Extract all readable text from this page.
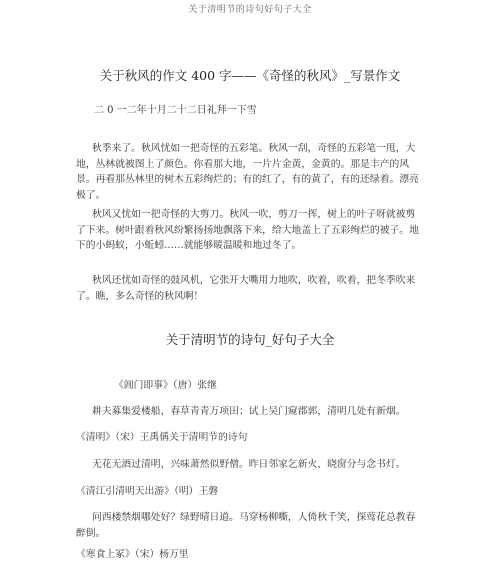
关于清明节的诗句好句子大全
关于秋风的作文 400 字——《奇怪的秋风》_写景作文
二 0 一二年十月二十二日礼拜一下雪

秋季来了。秋风忧如一把奇怪的五彩笔。秋风一刮，奇怪的五彩笔一甩，大地，丛林就被图上了颜色。你看那大地，一片片金黄，金黄的。那是丰产的风景。再看那丛林里的树木五彩绚烂的；有的红了，有的黄了，有的还绿着。漂亮极了。

秋风又忧如一把奇怪的大剪刀。秋风一吹，剪刀一挥，树上的叶子呀就被剪了下来。树叶跟着秋风纷繁扬扬地飘落下来，给大地盖上了五彩绚烂的被子。地下的小蚂蚁，小蚯蚓……就能够暖温暖和地过冬了。

秋风还忧如奇怪的鼓风机，它张开大嘴用力地吹，吹着，吹着，把冬季吹来了。瞧，多么奇怪的秋风啊！

关于清明节的诗句_好句子大全
《阊门即事》（唐）张继
耕夫募集爱楼船，春草青青万项田；试上吴门窥郡郭，清明几处有新烟。
《清明》（宋）王禹偁关于清明节的诗句
无花无酒过清明，兴味萧然似野僧。昨日邻家乞新火，晓窗分与念书灯。
《清江引清明天出游》（明）王磐

问西楼禁烟哪处好？绿野晴日道。马穿杨柳嘶，人倚秋千笑，探莺花总教春醉倒。

《寒食上冢》（宋）杨万里
